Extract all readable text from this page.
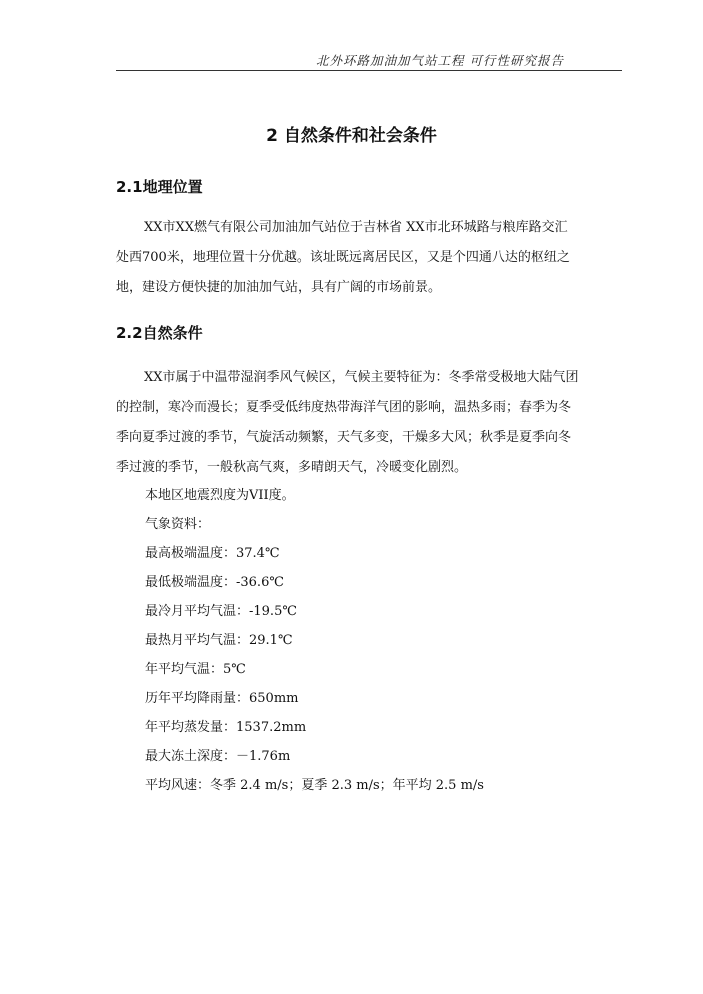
北外环路加油加气站工程 可行性研究报告
2 自然条件和社会条件
2.1地理位置
XX市XX燃气有限公司加油加气站位于吉林省 XX市北环城路与粮库路交汇
处西700米，地理位置十分优越。该址既远离居民区，又是个四通八达的枢纽之
地，建设方便快捷的加油加气站，具有广阔的市场前景。
2.2自然条件
XX市属于中温带湿润季风气候区，气候主要特征为：冬季常受极地大陆气团
的控制，寒冷而漫长；夏季受低纬度热带海洋气团的影响，温热多雨；春季为冬
季向夏季过渡的季节，气旋活动频繁，天气多变，干燥多大风；秋季是夏季向冬
季过渡的季节，一般秋高气爽，多晴朗天气，冷暖变化剧烈。
本地区地震烈度为VII度。
气象资料：
最高极端温度：37.4℃
最低极端温度：-36.6℃
最冷月平均气温：-19.5℃
最热月平均气温：29.1℃
年平均气温：5℃
历年平均降雨量：650mm
年平均蒸发量：1537.2mm
最大冻土深度：－1.76m
平均风速：冬季 2.4 m/s；夏季 2.3 m/s；年平均 2.5 m/s
